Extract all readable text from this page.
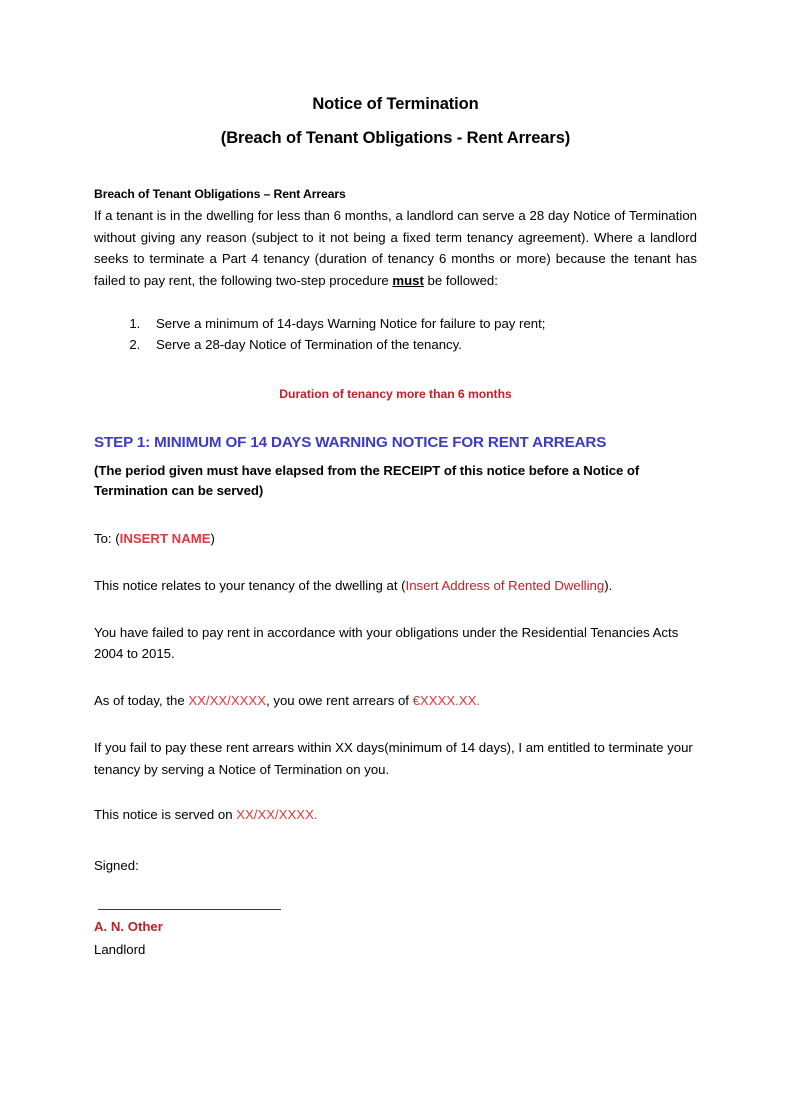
Notice of Termination
(Breach of Tenant Obligations - Rent Arrears)

Breach of Tenant Obligations – Rent Arrears

If a tenant is in the dwelling for less than 6 months, a landlord can serve a 28 day Notice of Termination without giving any reason (subject to it not being a fixed term tenancy agreement). Where a landlord seeks to terminate a Part 4 tenancy (duration of tenancy 6 months or more) because the tenant has failed to pay rent, the following two-step procedure must be followed:

1. Serve a minimum of 14-days Warning Notice for failure to pay rent;
2. Serve a 28-day Notice of Termination of the tenancy.

Duration of tenancy more than 6 months

STEP 1: MINIMUM OF 14 DAYS WARNING NOTICE FOR RENT ARREARS

(The period given must have elapsed from the RECEIPT of this notice before a Notice of Termination can be served)

To: (INSERT NAME)

This notice relates to your tenancy of the dwelling at (Insert Address of Rented Dwelling).

You have failed to pay rent in accordance with your obligations under the Residential Tenancies Acts 2004 to 2015.

As of today, the XX/XX/XXXX, you owe rent arrears of €XXXX.XX.

If you fail to pay these rent arrears within XX days(minimum of 14 days), I am entitled to terminate your tenancy by serving a Notice of Termination on you.

This notice is served on XX/XX/XXXX.

Signed:

A. N. Other

Landlord
